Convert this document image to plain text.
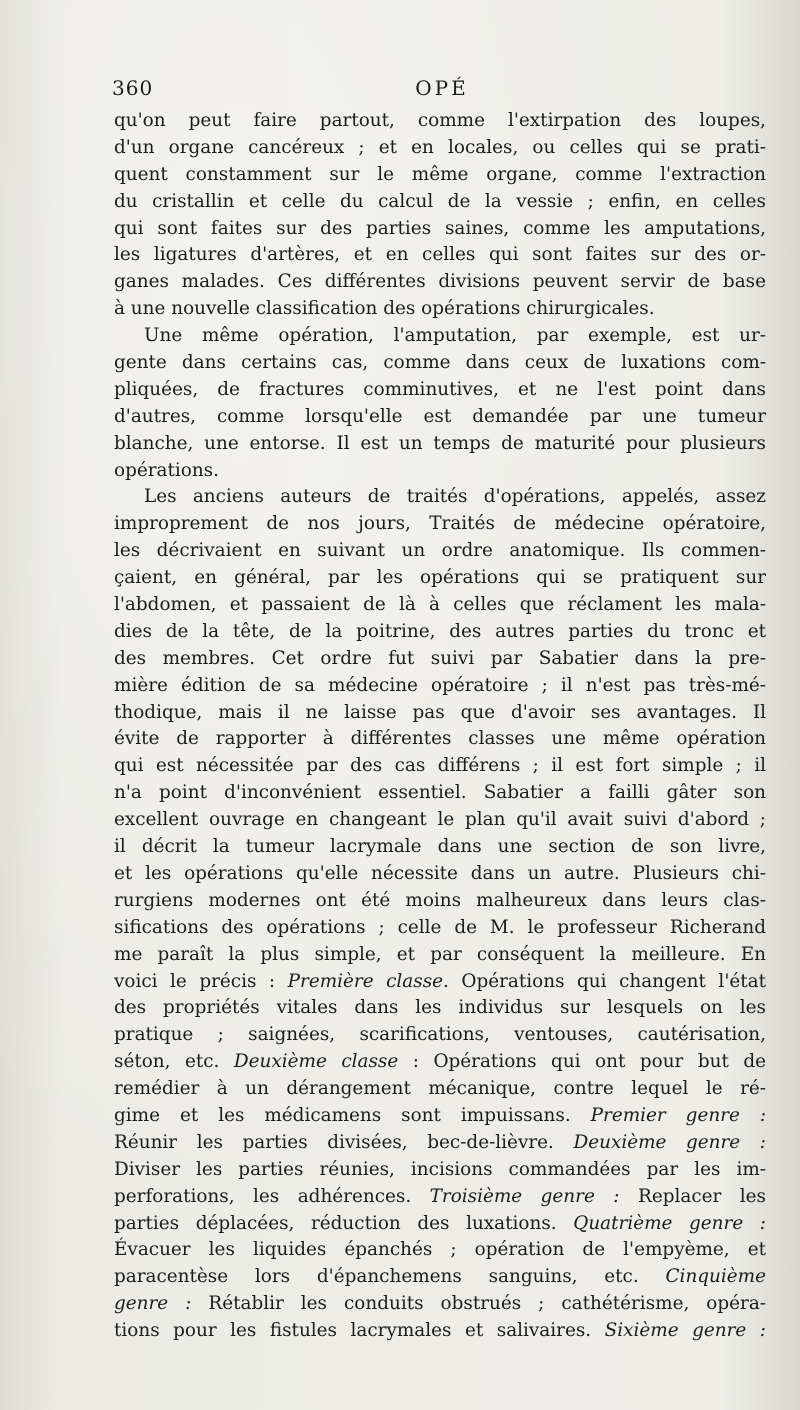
360	OPÉ
qu'on peut faire partout, comme l'extirpation des loupes,
d'un organe cancéreux ; et en locales, ou celles qui se prati-
quent constamment sur le même organe, comme l'extraction
du cristallin et celle du calcul de la vessie ; enfin, en celles
qui sont faites sur des parties saines, comme les amputations,
les ligatures d'artères, et en celles qui sont faites sur des or-
ganes malades. Ces différentes divisions peuvent servir de base
à une nouvelle classification des opérations chirurgicales.
Une même opération, l'amputation, par exemple, est ur-
gente dans certains cas, comme dans ceux de luxations com-
pliquées, de fractures comminutives, et ne l'est point dans
d'autres, comme lorsqu'elle est demandée par une tumeur
blanche, une entorse. Il est un temps de maturité pour plusieurs
opérations.
Les anciens auteurs de traités d'opérations, appelés, assez
improprement de nos jours, Traités de médecine opératoire,
les décrivaient en suivant un ordre anatomique. Ils commen-
çaient, en général, par les opérations qui se pratiquent sur
l'abdomen, et passaient de là à celles que réclament les mala-
dies de la tête, de la poitrine, des autres parties du tronc et
des membres. Cet ordre fut suivi par Sabatier dans la pre-
mière édition de sa médecine opératoire ; il n'est pas très-mé-
thodique, mais il ne laisse pas que d'avoir ses avantages. Il
évite de rapporter à différentes classes une même opération
qui est nécessitée par des cas différens ; il est fort simple ; il
n'a point d'inconvénient essentiel. Sabatier a failli gâter son
excellent ouvrage en changeant le plan qu'il avait suivi d'abord ;
il décrit la tumeur lacrymale dans une section de son livre,
et les opérations qu'elle nécessite dans un autre. Plusieurs chi-
rurgiens modernes ont été moins malheureux dans leurs clas-
sifications des opérations ; celle de M. le professeur Richerand
me paraît la plus simple, et par conséquent la meilleure. En
voici le précis : Première classe. Opérations qui changent l'état
des propriétés vitales dans les individus sur lesquels on les
pratique ; saignées, scarifications, ventouses, cautérisation,
séton, etc. Deuxième classe : Opérations qui ont pour but de
remédier à un dérangement mécanique, contre lequel le ré-
gime et les médicamens sont impuissans. Premier genre :
Réunir les parties divisées, bec-de-lièvre. Deuxième genre :
Diviser les parties réunies, incisions commandées par les im-
perforations, les adhérences. Troisième genre : Replacer les
parties déplacées, réduction des luxations. Quatrième genre :
Évacuer les liquides épanchés ; opération de l'empyème, et
paracentèse lors d'épanchemens sanguins, etc. Cinquième
genre : Rétablir les conduits obstrués ; cathétérisme, opéra-
tions pour les fistules lacrymales et salivaires. Sixième genre :
